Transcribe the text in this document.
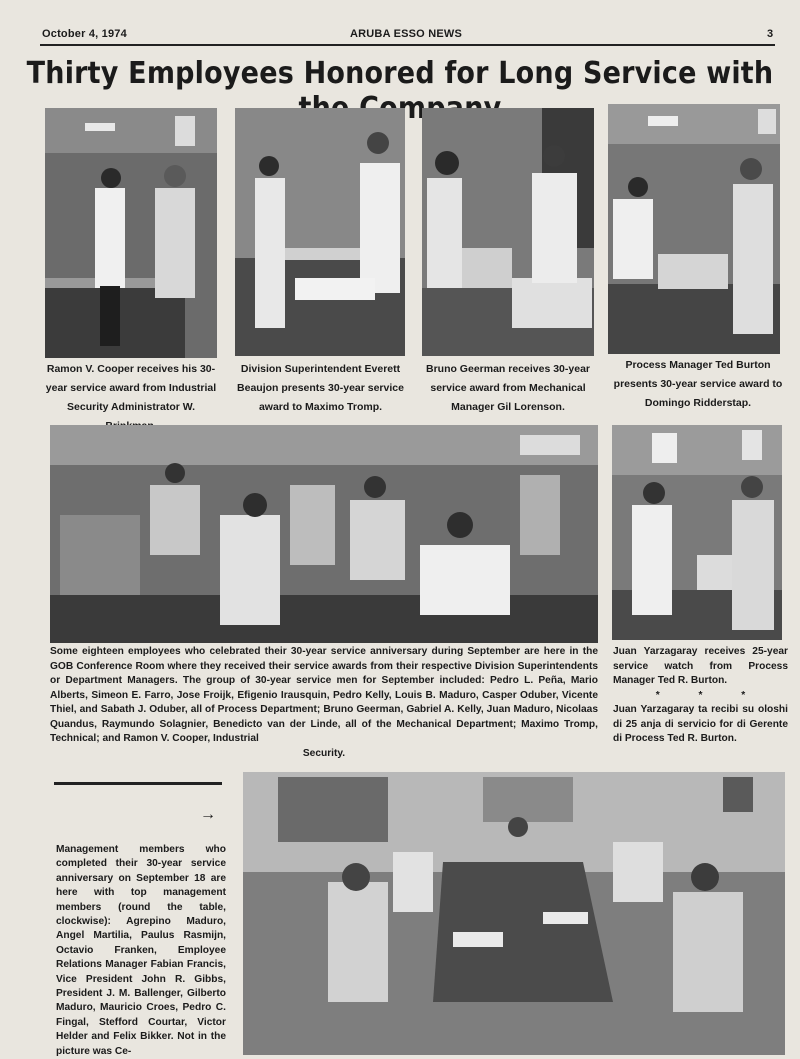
October 4, 1974	ARUBA ESSO NEWS	3
Thirty Employees Honored for Long Service with
Ramon V. Cooper receives his 30-year service award from Industrial Security Administrator W.
Division Superintendent Everett Beaujon presents 30-year service award to Maximo Tromp.
Bruno Geerman receives 30-year service award from Mechanical Manager Gil Lorenson.
Process Manager Ted Burton presents 30-year service award to Domingo Ridderstap.
Some eighteen employees who celebrated their 30-year service anniversary during September are here in the GOB Conference Room where they received their service awards from their respective Division Superintendents or Department Managers. The group of 30-year service men for September included: Pedro L. Peña, Mario Alberts, Simeon E. Farro, Jose Froijk, Efigenio Irausquin, Pedro Kelly, Louis B. Maduro, Casper Oduber, Vicente Thiel, and Sabath J. Oduber, all of Process Department; Bruno Geerman, Gabriel A. Kelly, Juan Maduro, Nicolaas Quandus, Raymundo Solagnier, Benedicto van der Linde, all of the Mechanical Department; Maximo Tromp, Technical; and Ramon V. Cooper, Industrial
Security.

Juan Yarzagaray receives 25-year service watch from Process Manager Ted R. Burton.

* * *

Juan Yarzagaray ta recibi su oloshi di 25 anja di servicio for di Gerente di Process Ted R. Burton.

→
Management members who completed their 30-year service anniversary on September 18 are here with top management members (round the table, clockwise): Agrepino Maduro, Angel Martilia, Paulus Rasmijn, Octavio Franken, Employee Relations Manager Fabian Francis, Vice President John R. Gibbs, President J. M. Ballenger, Gilberto Maduro, Mauricio Croes, Pedro C. Fingal, Stefford Courtar, Victor Helder and Felix Bikker. Not in the picture was Ce-
